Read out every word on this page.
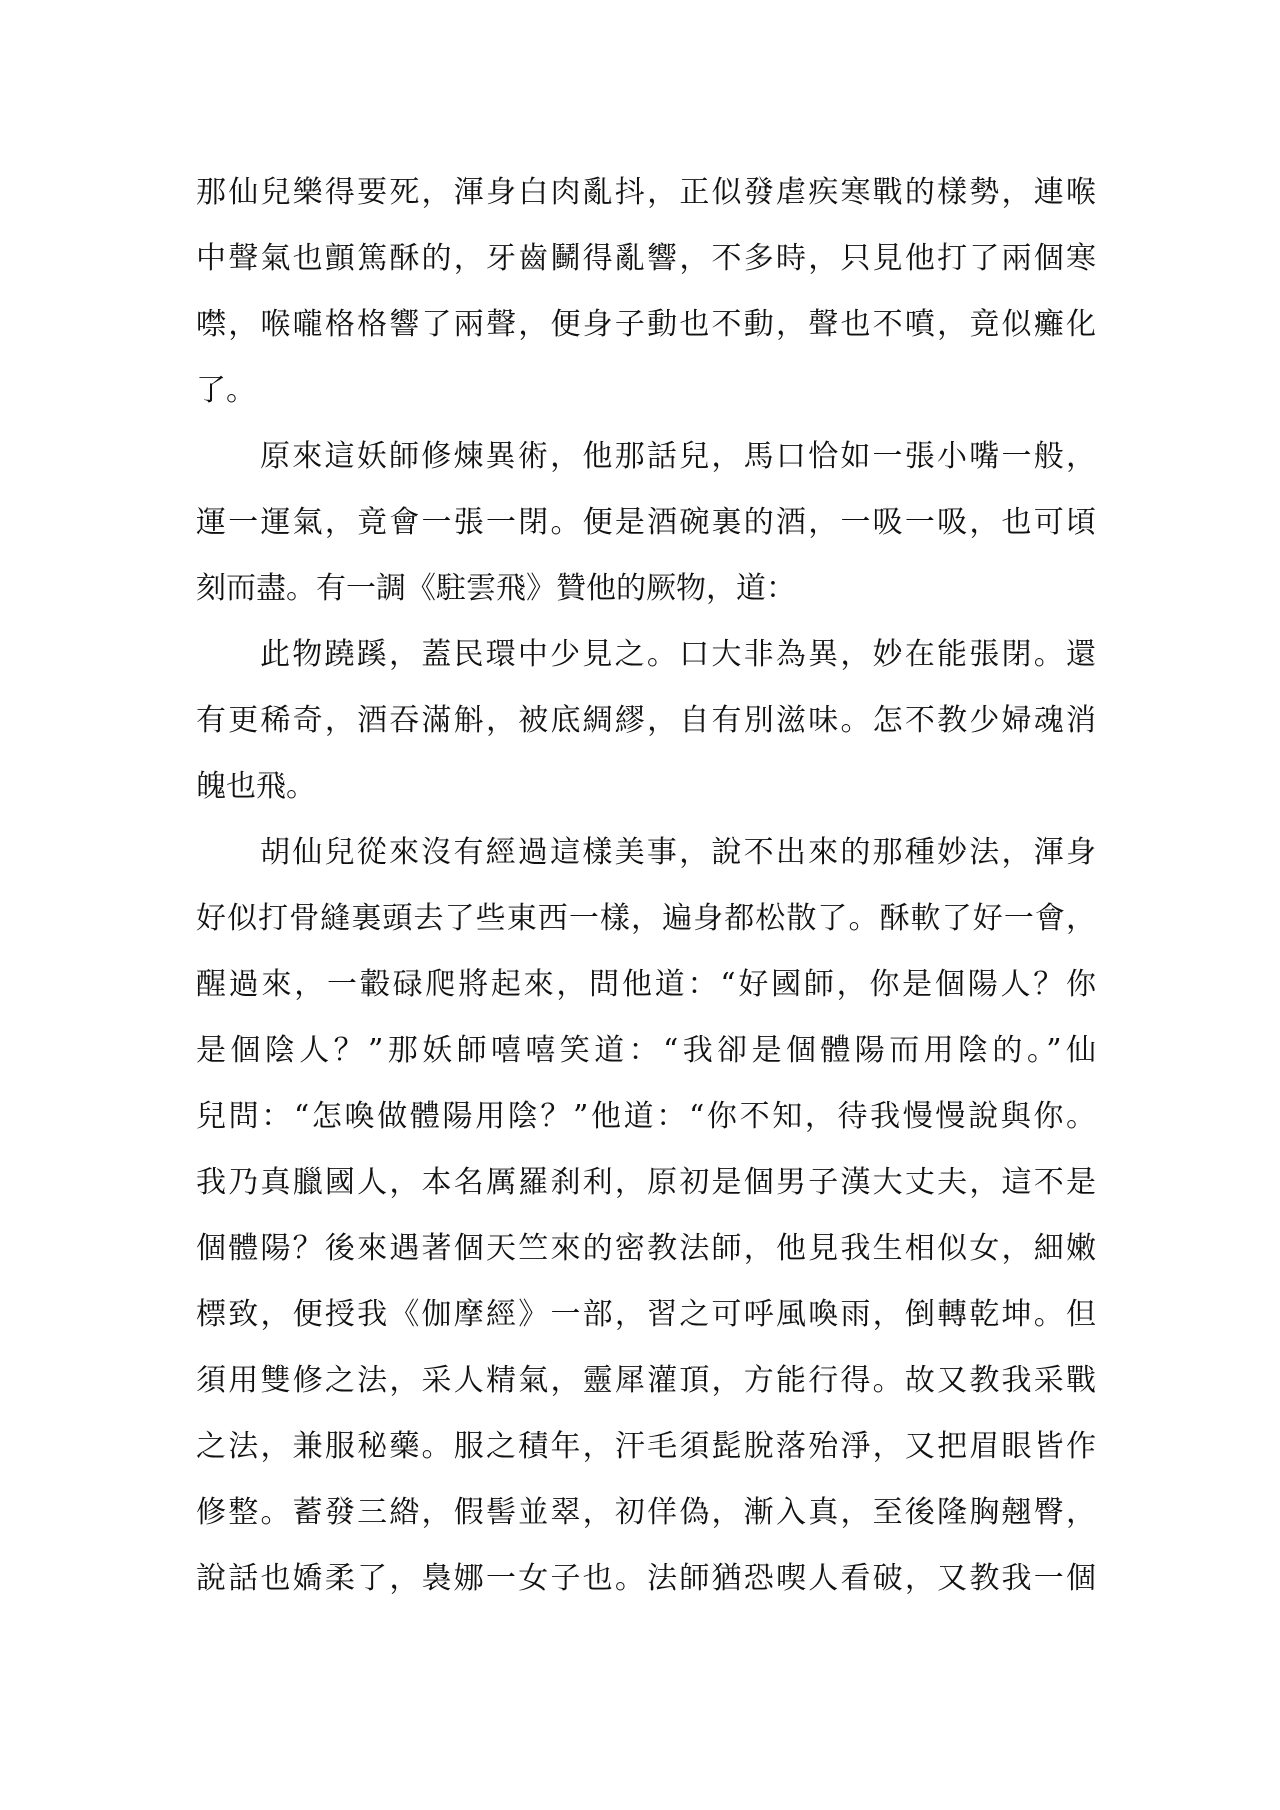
那仙兒樂得要死，渾身白肉亂抖，正似發虐疾寒戰的樣勢，連喉
中聲氣也顫篤酥的，牙齒鬭得亂響，不多時，只見他打了兩個寒
噤，喉嚨格格響了兩聲，便身子動也不動，聲也不噴，竟似癱化
了。

原來這妖師修煉異術，他那話兒，馬口恰如一張小嘴一般，
運一運氣，竟會一張一閉。便是酒碗裏的酒，一吸一吸，也可頃
刻而盡。有一調《駐雲飛》贊他的厥物，道：

此物蹺蹊，蓋民環中少見之。口大非為異，妙在能張閉。還
有更稀奇，酒吞滿斛，被底綢繆，自有別滋味。怎不教少婦魂消
魄也飛。

胡仙兒從來沒有經過這樣美事，說不出來的那種妙法，渾身
好似打骨縫裏頭去了些東西一樣，遍身都松散了。酥軟了好一會，
醒過來，一轂碌爬將起來，問他道：“好國師，你是個陽人？你
是個陰人？”那妖師嘻嘻笑道：“我卻是個體陽而用陰的。”仙
兒問：“怎喚做體陽用陰？”他道：“你不知，待我慢慢說與你。
我乃真臘國人，本名厲羅刹利，原初是個男子漢大丈夫，這不是
個體陽？後來遇著個天竺來的密教法師，他見我生相似女，細嫩
標致，便授我《伽摩經》一部，習之可呼風喚雨，倒轉乾坤。但
須用雙修之法，采人精氣，靈犀灌頂，方能行得。故又教我采戰
之法，兼服秘藥。服之積年，汗毛須髭脫落殆淨，又把眉眼皆作
修整。蓄發三綹，假髻並翠，初佯偽，漸入真，至後隆胸翹臀，
說話也嬌柔了，裊娜一女子也。法師猶恐喫人看破，又教我一個
